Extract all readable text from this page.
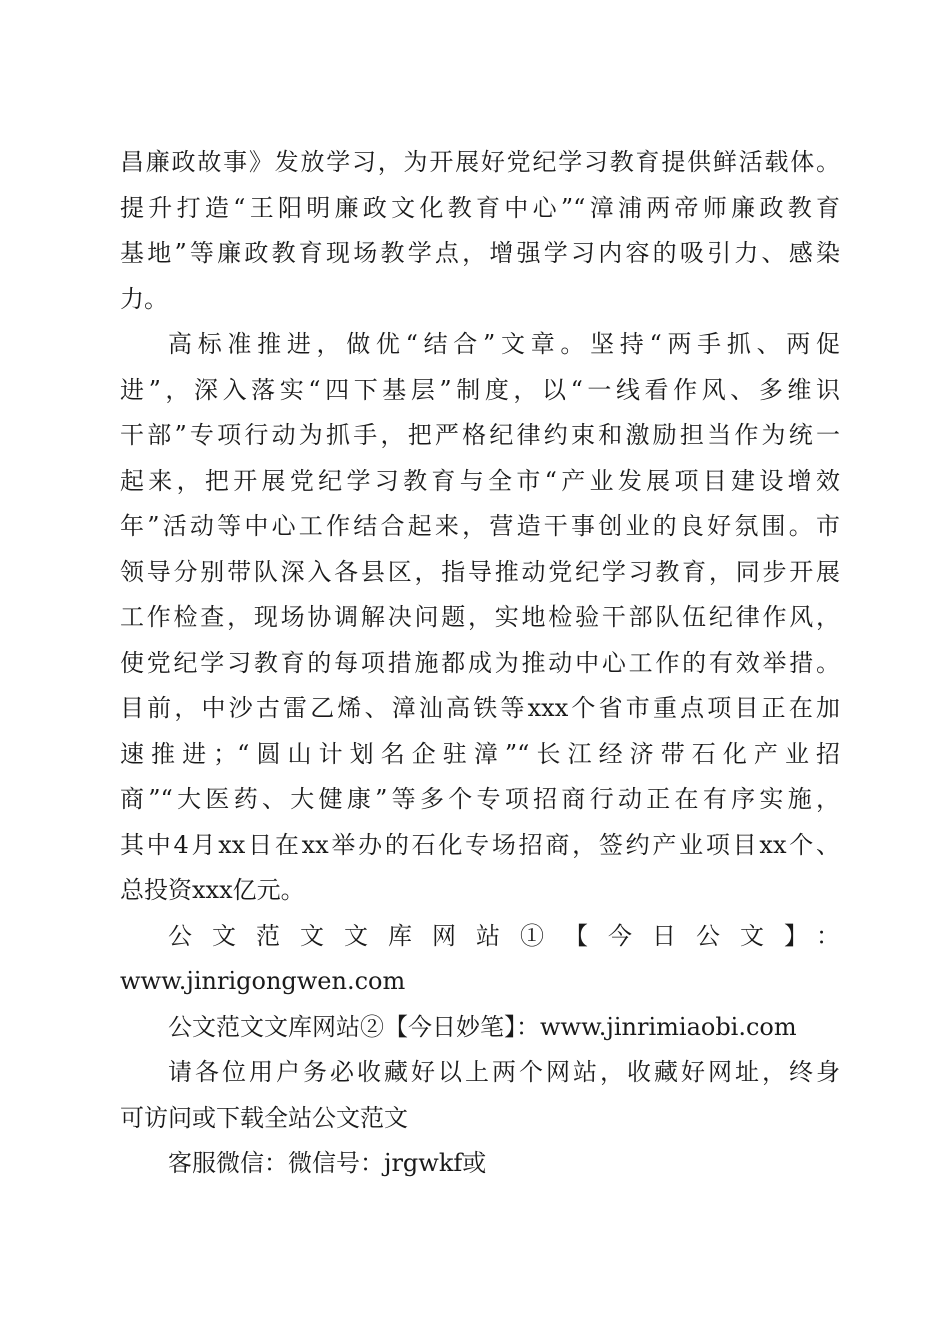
昌廉政故事》发放学习，为开展好党纪学习教育提供鲜活载体。
提升打造“王阳明廉政文化教育中心”“漳浦两帝师廉政教育
基地”等廉政教育现场教学点，增强学习内容的吸引力、感染
力。
高标准推进，做优“结合”文章。坚持“两手抓、两促
进”，深入落实“四下基层”制度，以“一线看作风、多维识
干部”专项行动为抓手，把严格纪律约束和激励担当作为统一
起来，把开展党纪学习教育与全市“产业发展项目建设增效
年”活动等中心工作结合起来，营造干事创业的良好氛围。市
领导分别带队深入各县区，指导推动党纪学习教育，同步开展
工作检查，现场协调解决问题，实地检验干部队伍纪律作风，
使党纪学习教育的每项措施都成为推动中心工作的有效举措。
目前，中沙古雷乙烯、漳汕高铁等xxx个省市重点项目正在加
速推进；“圆山计划名企驻漳”“长江经济带石化产业招
商”“大医药、大健康”等多个专项招商行动正在有序实施，
其中4月xx日在xx举办的石化专场招商，签约产业项目xx个、
总投资xxx亿元。
公文范文文库网站①【今日公文】：
www.jinrigongwen.com
公文范文文库网站②【今日妙笔】：www.jinrimiaobi.com
请各位用户务必收藏好以上两个网站，收藏好网址，终身
可访问或下载全站公文范文
客服微信：微信号：jrgwkf或
